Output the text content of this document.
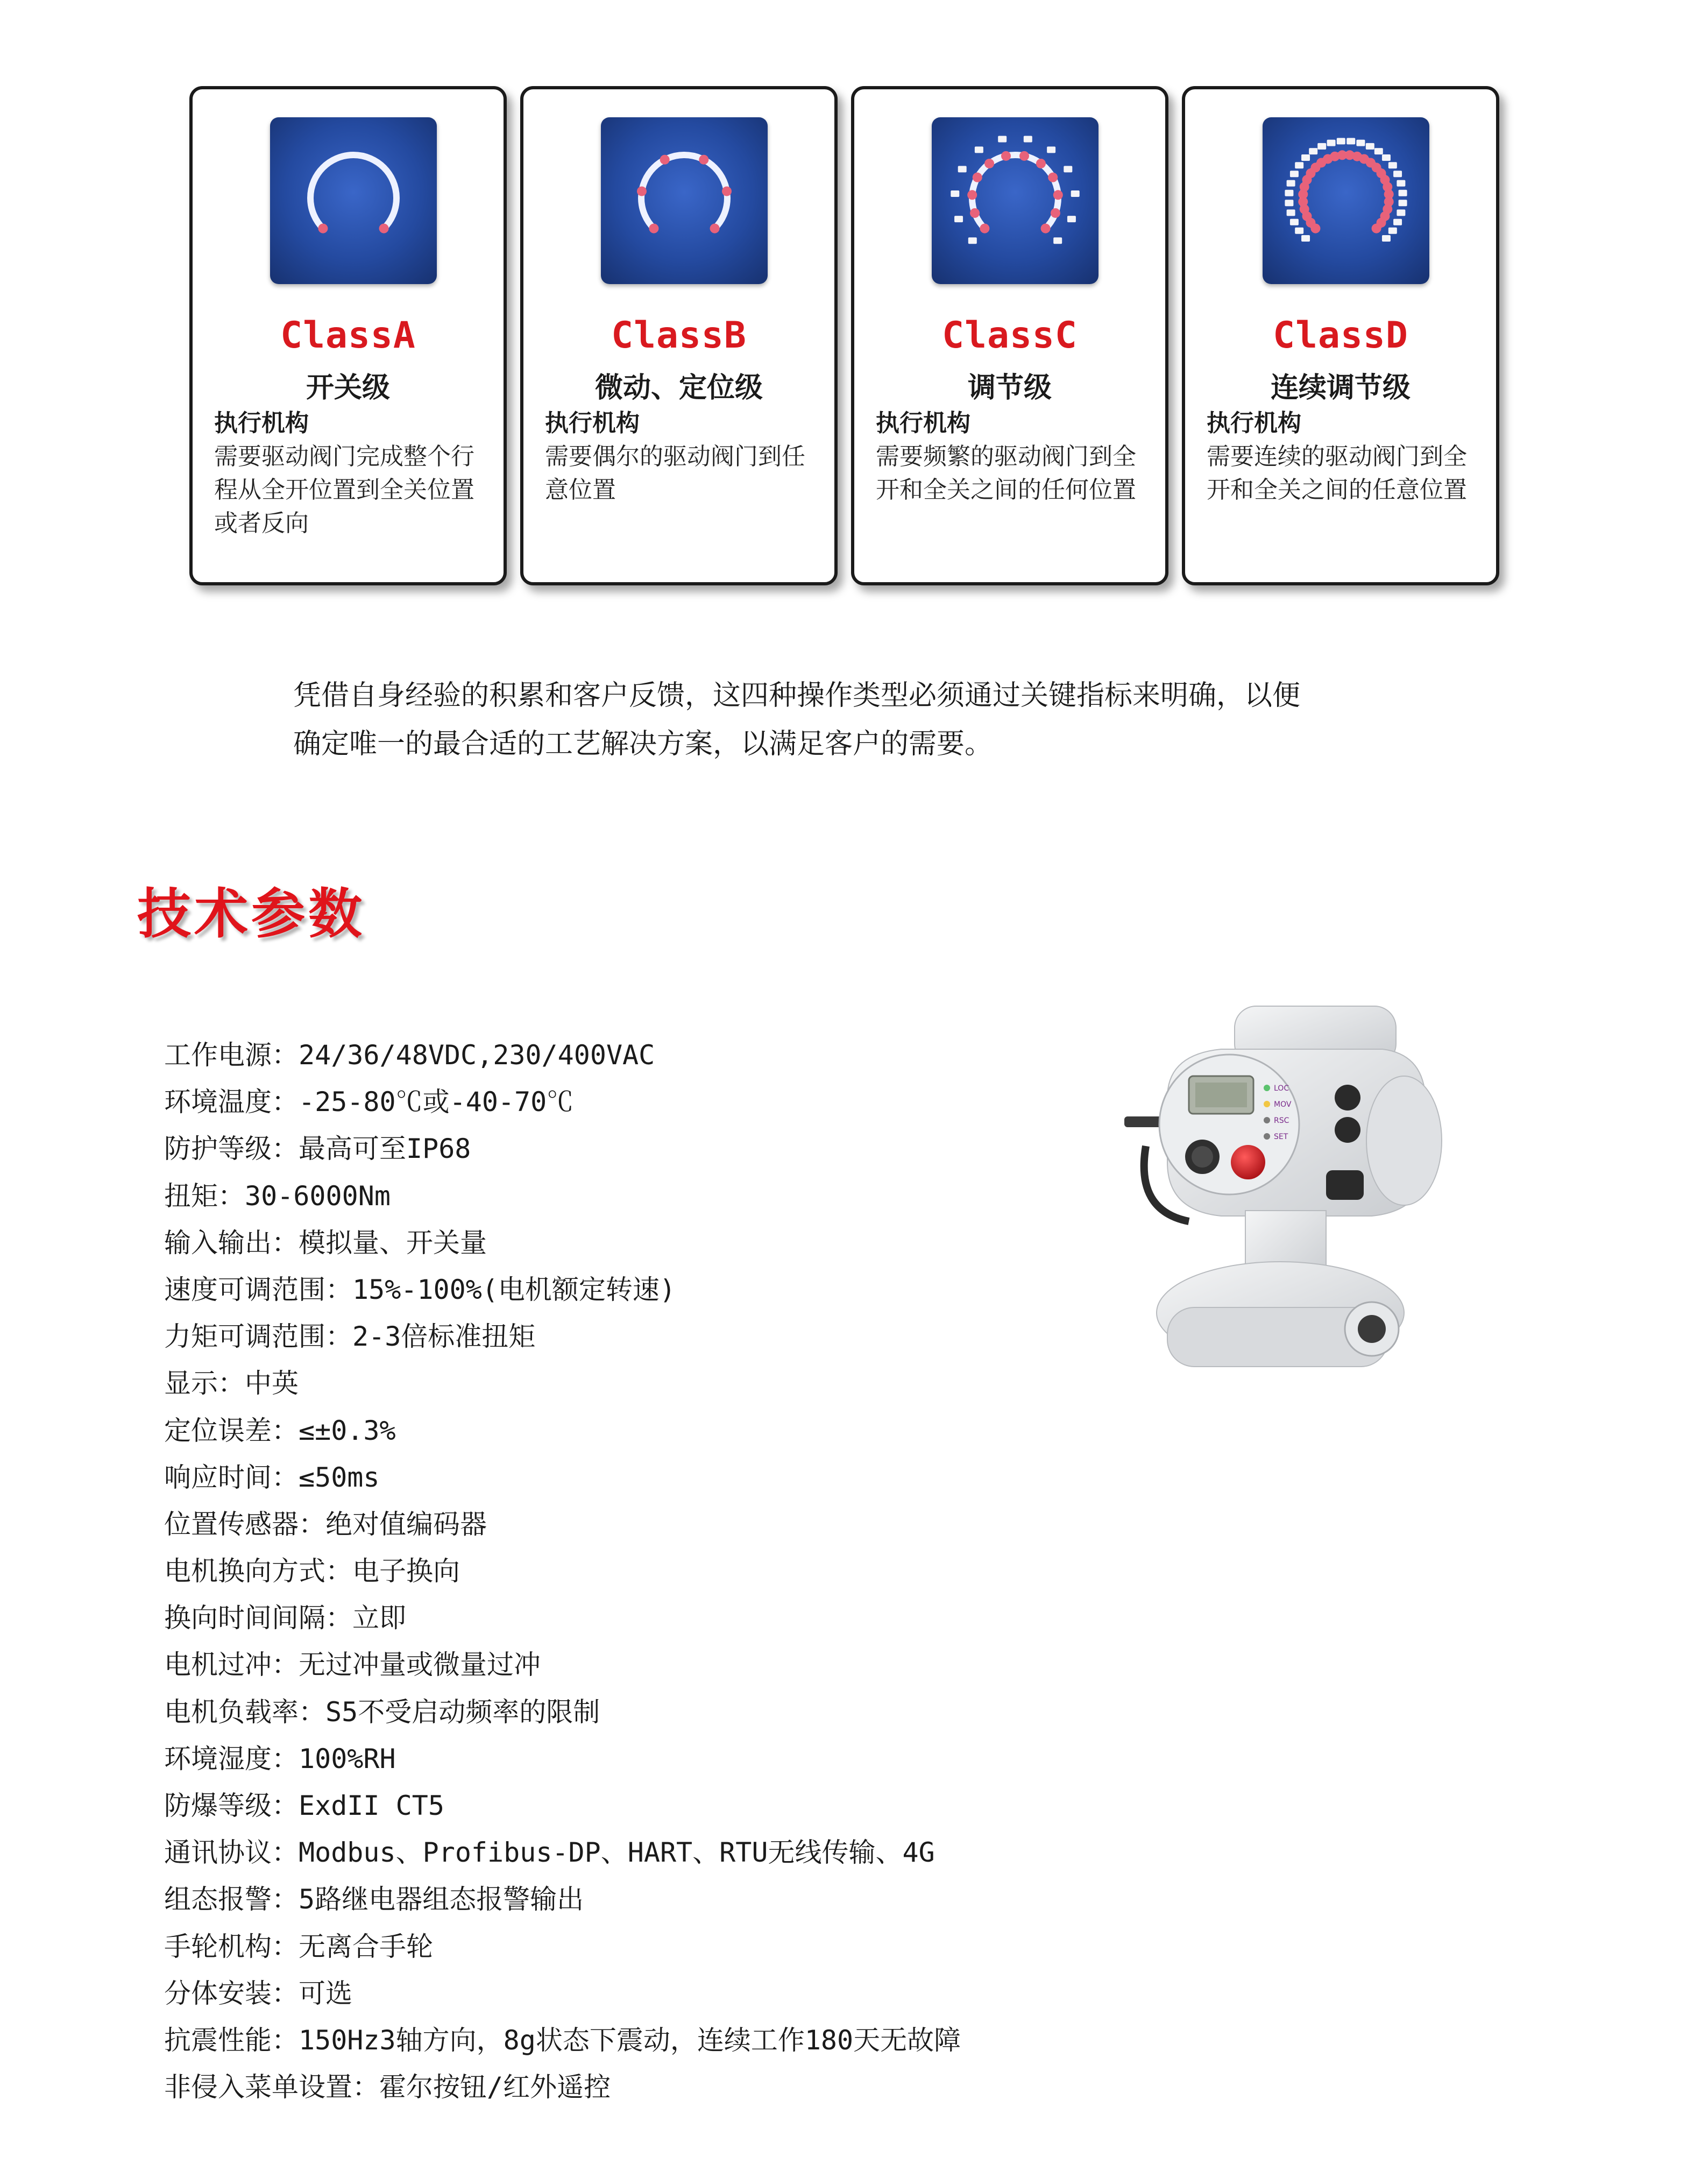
ClassA
开关级
执行机构
需要驱动阀门完成整个行
程从全开位置到全关位置
或者反向
ClassB
微动、定位级
执行机构
需要偶尔的驱动阀门到任
意位置
ClassC
调节级
执行机构
需要频繁的驱动阀门到全
开和全关之间的任何位置
ClassD
连续调节级
执行机构
需要连续的驱动阀门到全
开和全关之间的任意位置
凭借自身经验的积累和客户反馈，这四种操作类型必须通过关键指标来明确，以便
确定唯一的最合适的工艺解决方案，以满足客户的需要。
技术参数
工作电源：24/36/48VDC,230/400VAC
环境温度：-25-80℃或-40-70℃
防护等级：最高可至IP68
扭矩：30-6000Nm
输入输出：模拟量、开关量
速度可调范围：15%-100%(电机额定转速)
力矩可调范围：2-3倍标准扭矩
显示：中英
定位误差：≤±0.3%
响应时间：≤50ms
位置传感器：绝对值编码器
电机换向方式：电子换向
换向时间间隔：立即
电机过冲：无过冲量或微量过冲
电机负载率：S5不受启动频率的限制
环境湿度：100%RH
防爆等级：ExdII CT5
通讯协议：Modbus、Profibus-DP、HART、RTU无线传输、4G
组态报警：5路继电器组态报警输出
手轮机构：无离合手轮
分体安装：可选
抗震性能：150Hz3轴方向，8g状态下震动，连续工作180天无故障
非侵入菜单设置：霍尔按钮/红外遥控
LOC
MOV
RSC
SET
